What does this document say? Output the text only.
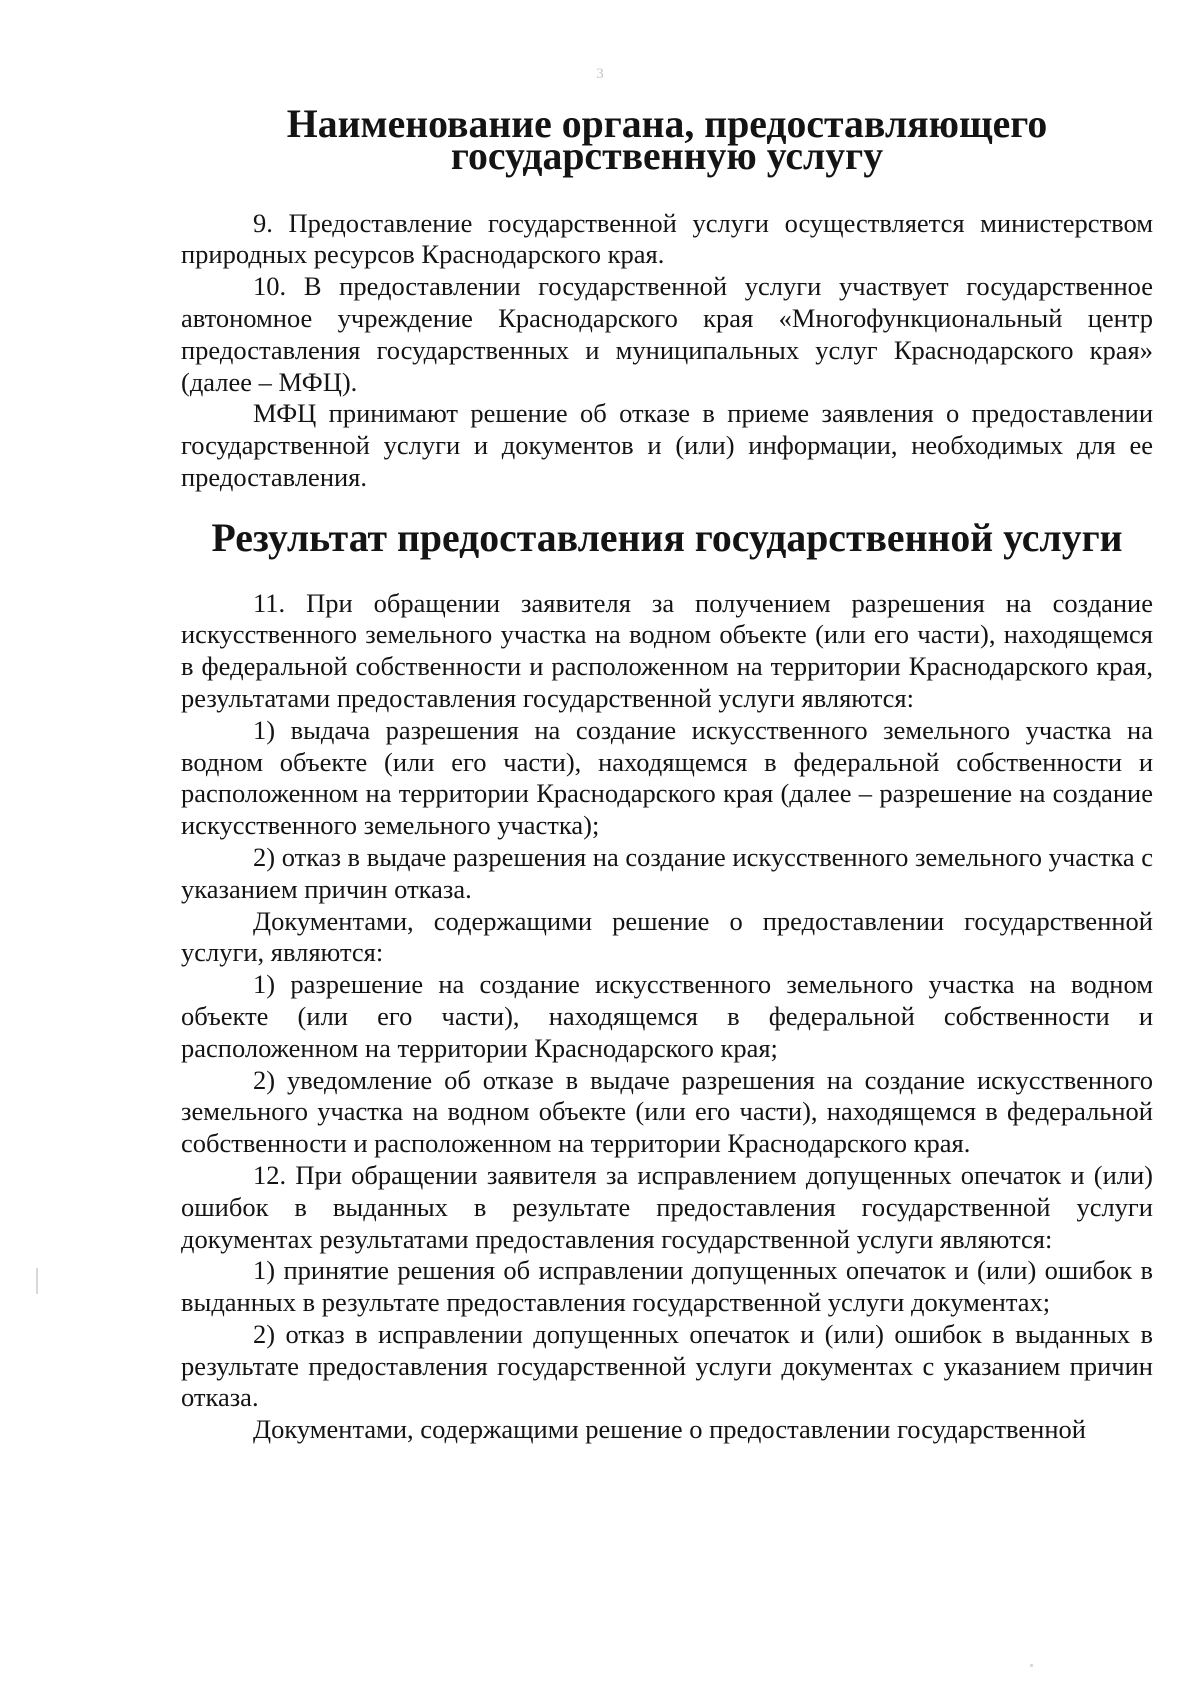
3
Наименование органа, предоставляющего
государственную услугу

9. Предоставление государственной услуги осуществляется министерством природных ресурсов Краснодарского края.

10. В предоставлении государственной услуги участвует государственное автономное учреждение Краснодарского края «Многофункциональный центр предоставления государственных и муниципальных услуг Краснодарского края» (далее – МФЦ).

МФЦ принимают решение об отказе в приеме заявления о предоставлении государственной услуги и документов и (или) информации, необходимых для ее предоставления.

Результат предоставления государственной услуги

11. При обращении заявителя за получением разрешения на создание искусственного земельного участка на водном объекте (или его части), находящемся в федеральной собственности и расположенном на территории Краснодарского края, результатами предоставления государственной услуги являются:

1) выдача разрешения на создание искусственного земельного участка на водном объекте (или его части), находящемся в федеральной собственности и расположенном на территории Краснодарского края (далее – разрешение на создание искусственного земельного участка);

2) отказ в выдаче разрешения на создание искусственного земельного участка с указанием причин отказа.

Документами, содержащими решение о предоставлении государственной услуги, являются:

1) разрешение на создание искусственного земельного участка на водном объекте (или его части), находящемся в федеральной собственности и расположенном на территории Краснодарского края;

2) уведомление об отказе в выдаче разрешения на создание искусственного земельного участка на водном объекте (или его части), находящемся в федеральной собственности и расположенном на территории Краснодарского края.

12. При обращении заявителя за исправлением допущенных опечаток и (или) ошибок в выданных в результате предоставления государственной услуги документах результатами предоставления государственной услуги являются:

1) принятие решения об исправлении допущенных опечаток и (или) ошибок в выданных в результате предоставления государственной услуги документах;

2) отказ в исправлении допущенных опечаток и (или) ошибок в выданных в результате предоставления государственной услуги документах с указанием причин отказа.

Документами, содержащими решение о предоставлении государственной
